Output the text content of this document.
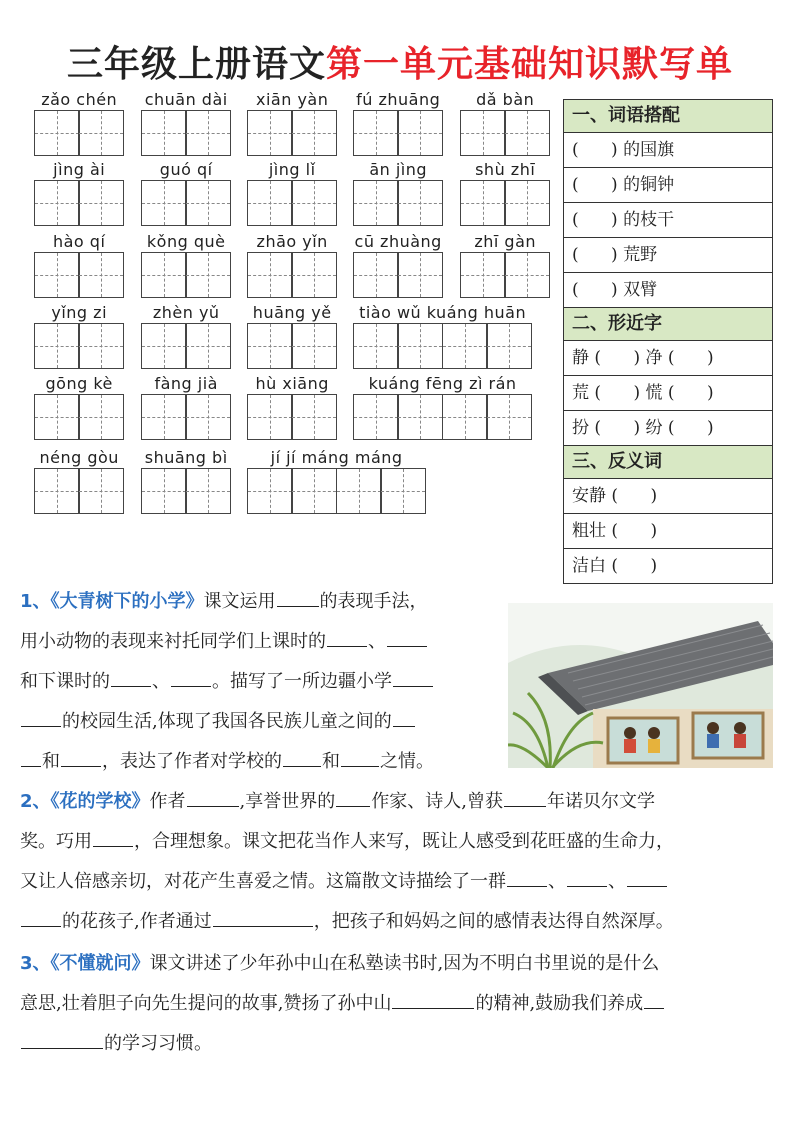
三年级上册语文第一单元基础知识默写单
zǎo chén	chuān dài	xiān yàn	fú zhuāng	dǎ bàn
jìng ài	guó qí	jìng lǐ	ān jìng	shù zhī
hào qí	kǒng què	zhāo yǐn	cū zhuàng	zhī gàn
yǐng zi	zhèn yǔ	huāng yě	tiào wǔ kuáng huān
gōng kè	fàng jià	hù xiāng	kuáng fēng zì rán
néng gòu	shuāng bì	jí jí máng máng
一、词语搭配
(      ) 的国旗
(      ) 的铜钟
(      ) 的枝干
(      ) 荒野
(      ) 双臂
二、形近字
静 (      ) 净 (      )
荒 (      ) 慌 (      )
扮 (      ) 纷 (      )
三、反义词
安静 (      )
粗壮 (      )
洁白 (      )
1、《大青树下的小学》课文运用 的表现手法，
用小动物的表现来衬托同学们上课时的 、
和下课时的 、 。描写了一所边疆小学
的校园生活,体现了我国各民族儿童之间的
和 ，表达了作者对学校的 和 之情。
2、《花的学校》作者	,享誉世界的 作家、诗人,曾获 年诺贝尔文学
奖。巧用 ，合理想象。课文把花当作人来写，既让人感受到花旺盛的生命力，
又让人倍感亲切，对花产生喜爱之情。这篇散文诗描绘了一群 、 、
的花孩子,作者通过	，把孩子和妈妈之间的感情表达得自然深厚。
3、《不懂就问》课文讲述了少年孙中山在私塾读书时,因为不明白书里说的是什么
意思,壮着胆子向先生提问的故事,赞扬了孙中山	的精神,鼓励我们养成
的学习习惯。
